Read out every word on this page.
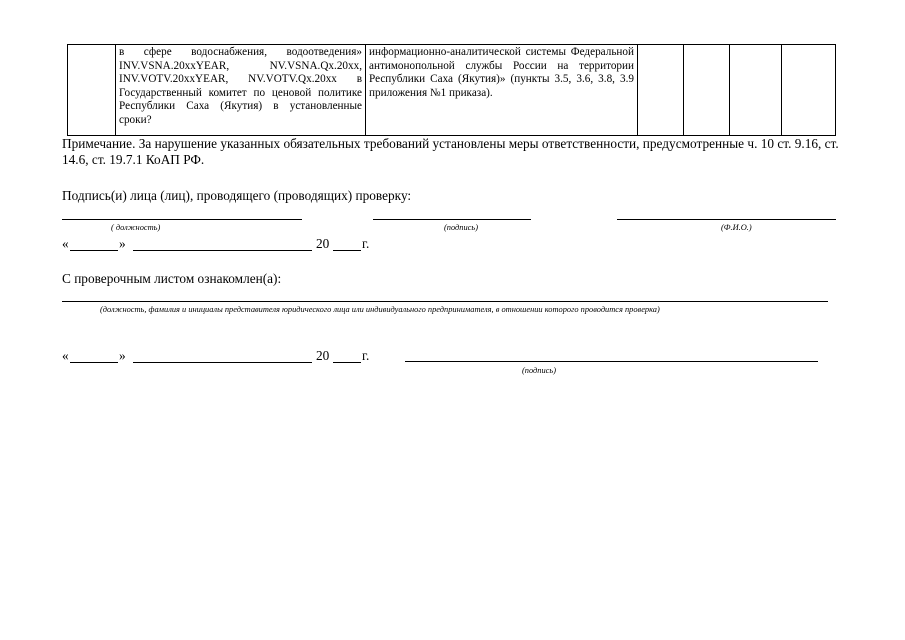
	в сфере водоснабжения, водоотведения» INV.VSNA.20xxYEAR, NV.VSNA.Qx.20xx, INV.VOTV.20xxYEAR, NV.VOTV.Qx.20xx в Государственный комитет по ценовой политике Республики Саха (Якутия) в установленные сроки?	информационно-аналитической системы Федеральной антимонопольной службы России на территории Республики Саха (Якутия)» (пункты 3.5, 3.6, 3.8, 3.9 приложения №1 приказа).				
Примечание. За нарушение указанных обязательных требований установлены меры ответственности, предусмотренные ч. 10 ст. 9.16, ст. 14.6, ст. 19.7.1 КоАП РФ.
Подпись(и) лица (лиц), проводящего (проводящих) проверку:
( должность)	(подпись)	(Ф.И.О.)
«	»	20 г.
С проверочным листом ознакомлен(а):
(должность, фамилия и инициалы представителя юридического лица или индивидуального предпринимателя, в отношении которого проводится проверка)
«	»	20 г.
(подпись)
